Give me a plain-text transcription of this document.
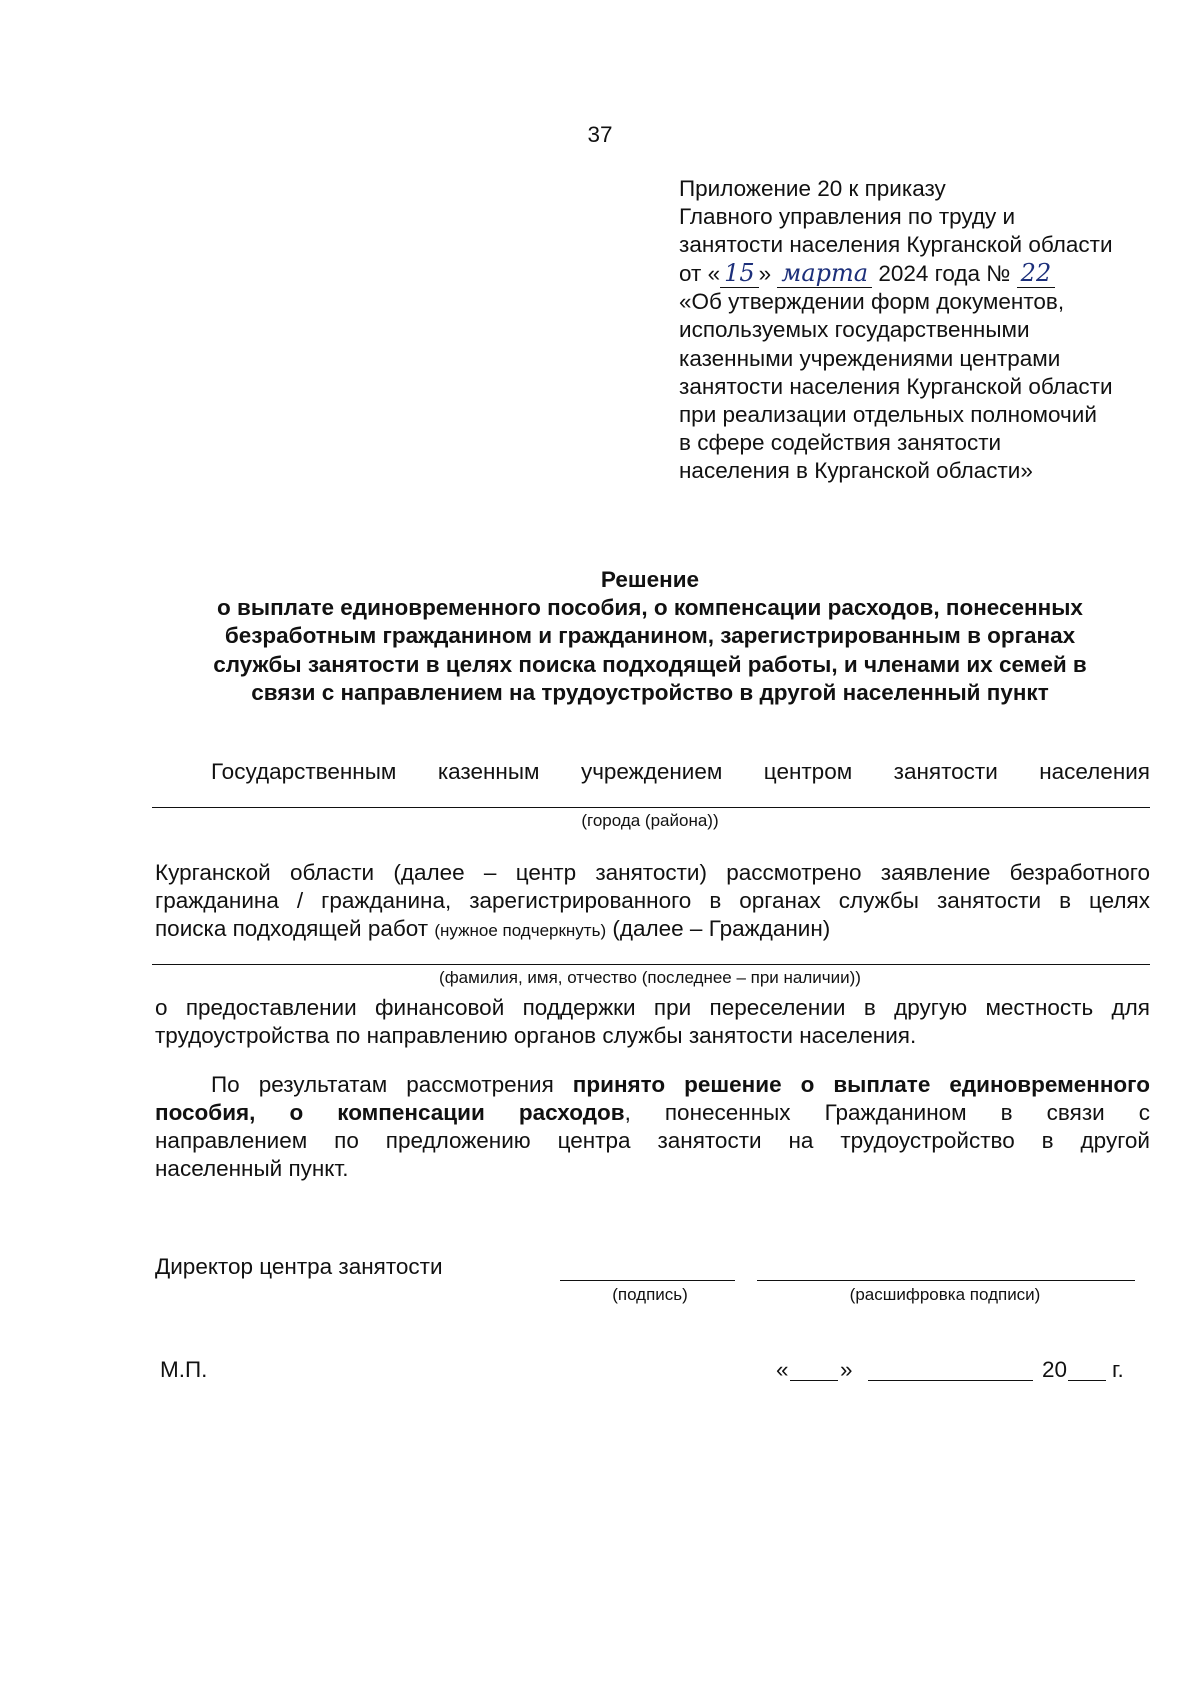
37
Приложение 20 к приказу
Главного управления по труду и
занятости населения Курганской области
от « 15 » марта 2024 года № 22
«Об утверждении форм документов,
используемых государственными
казенными учреждениями центрами
занятости населения Курганской области
при реализации отдельных полномочий
в сфере содействия занятости
населения в Курганской области»
Решение
о выплате единовременного пособия, о компенсации расходов, понесенных
безработным гражданином и гражданином, зарегистрированным в органах
службы занятости в целях поиска подходящей работы, и членами их семей в
связи с направлением на трудоустройство в другой населенный пункт
Государственным казенным учреждением центром занятости населения
(города (района))
Курганской области (далее – центр занятости) рассмотрено заявление безработного
гражданина / гражданина, зарегистрированного в органах службы занятости в целях
поиска подходящей работ (нужное подчеркнуть) (далее – Гражданин)
(фамилия, имя, отчество (последнее – при наличии))
о предоставлении финансовой поддержки при переселении в другую местность для
трудоустройства по направлению органов службы занятости населения.
По результатам рассмотрения принято решение о выплате единовременного
пособия, о компенсации расходов, понесенных Гражданином в связи с
направлением по предложению центра занятости на трудоустройство в другой
населенный пункт.
Директор центра занятости
(подпись)	(расшифровка подписи)
М.П.	« »	20 г.
